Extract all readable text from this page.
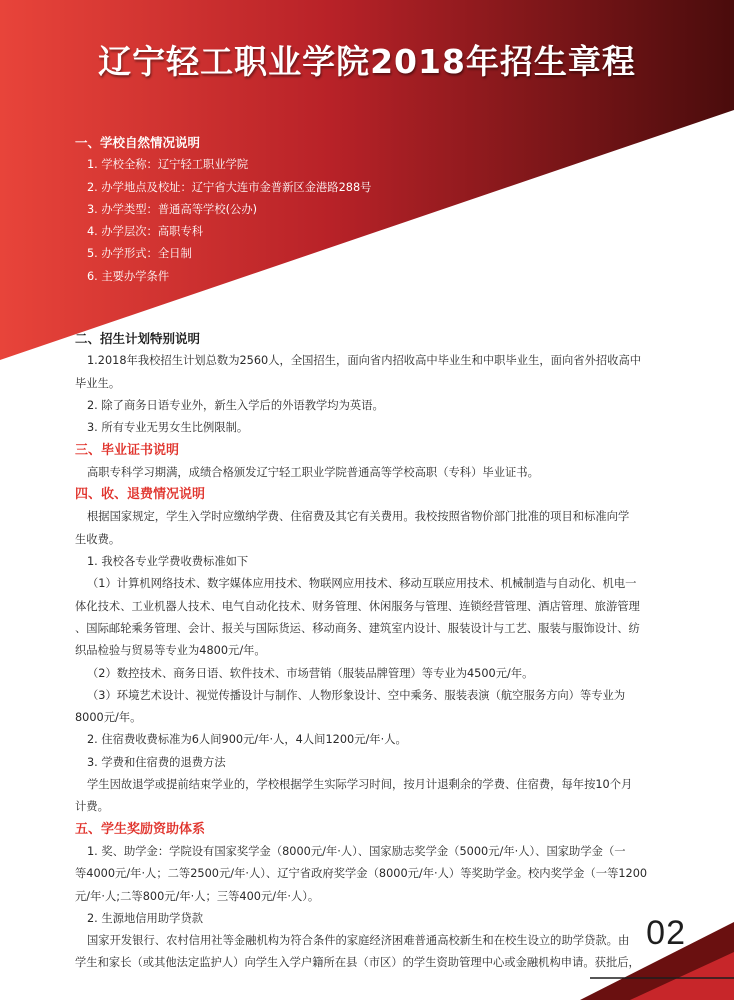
辽宁轻工职业学院2018年招生章程

一、学校自然情况说明

1. 学校全称：辽宁轻工职业学院

2. 办学地点及校址：辽宁省大连市金普新区金港路288号

3. 办学类型：普通高等学校(公办)

4. 办学层次：高职专科

5. 办学形式：全日制

6. 主要办学条件

二、招生计划特别说明

1.2018年我校招生计划总数为2560人，全国招生，面向省内招收高中毕业生和中职毕业生，面向省外招收高中

毕业生。

2. 除了商务日语专业外，新生入学后的外语教学均为英语。

3. 所有专业无男女生比例限制。

三、毕业证书说明

高职专科学习期满，成绩合格颁发辽宁轻工职业学院普通高等学校高职（专科）毕业证书。

四、收、退费情况说明

根据国家规定，学生入学时应缴纳学费、住宿费及其它有关费用。我校按照省物价部门批准的项目和标准向学

生收费。

1. 我校各专业学费收费标准如下

（1）计算机网络技术、数字媒体应用技术、物联网应用技术、移动互联应用技术、机械制造与自动化、机电一

体化技术、工业机器人技术、电气自动化技术、财务管理、休闲服务与管理、连锁经营管理、酒店管理、旅游管理

、国际邮轮乘务管理、会计、报关与国际货运、移动商务、建筑室内设计、服装设计与工艺、服装与服饰设计、纺

织品检验与贸易等专业为4800元/年。

（2）数控技术、商务日语、软件技术、市场营销（服装品牌管理）等专业为4500元/年。

（3）环境艺术设计、视觉传播设计与制作、人物形象设计、空中乘务、服装表演（航空服务方向）等专业为

8000元/年。

2. 住宿费收费标准为6人间900元/年·人，4人间1200元/年·人。

3. 学费和住宿费的退费方法

学生因故退学或提前结束学业的，学校根据学生实际学习时间，按月计退剩余的学费、住宿费，每年按10个月

计费。

五、学生奖励资助体系

1. 奖、助学金：学院设有国家奖学金（8000元/年·人）、国家励志奖学金（5000元/年·人）、国家助学金（一

等4000元/年·人；二等2500元/年·人）、辽宁省政府奖学金（8000元/年·人）等奖助学金。校内奖学金（一等1200

元/年·人;二等800元/年·人；三等400元/年·人）。

2. 生源地信用助学贷款

国家开发银行、农村信用社等金融机构为符合条件的家庭经济困难普通高校新生和在校生设立的助学贷款。由

学生和家长（或其他法定监护人）向学生入学户籍所在县（市区）的学生资助管理中心或金融机构申请。获批后，

02
